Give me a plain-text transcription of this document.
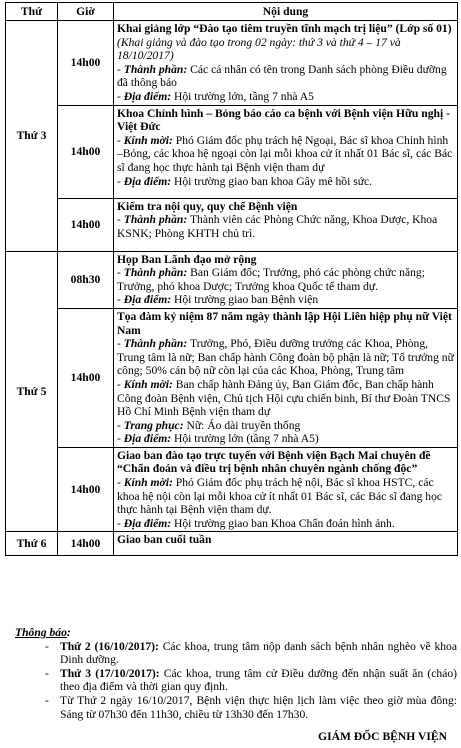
Thứ	Giờ	Nội dung
Thứ 3	14h00	Khai giảng lớp “Đào tạo tiêm truyền tĩnh mạch trị liệu” (Lớp số 01) (Khai giảng và đào tạo trong 02 ngày: thứ 3 và thứ 4 – 17 và 18/10/2017)
- Thành phần: Các cá nhân có tên trong Danh sách phòng Điều dưỡng đã thông báo
- Địa điểm: Hội trường lớn, tầng 7 nhà A5

	14h00	Khoa Chỉnh hình – Bỏng báo cáo ca bệnh với Bệnh viện Hữu nghị - Việt Đức
- Kính mời: Phó Giám đốc phụ trách hệ Ngoại, Bác sĩ khoa Chỉnh hình –Bỏng, các khoa hệ ngoại còn lại mỗi khoa cử ít nhất 01 Bác sĩ, các Bác sĩ đang học thực hành tại Bệnh viện tham dự
- Địa điểm: Hội trường giao ban khoa Gây mê hồi sức.

	14h00	Kiểm tra nội quy, quy chế Bệnh viện
- Thành phần: Thành viên các Phòng Chức năng, Khoa Dược, Khoa KSNK; Phòng KHTH chủ trì.

Thứ 5	08h30	Họp Ban Lãnh đạo mở rộng
- Thành phần: Ban Giám đốc; Trưởng, phó các phòng chức năng; Trưởng, phó khoa Dược; Trưởng khoa Quốc tế tham dự.
- Địa điểm: Hội trường giao ban Bệnh viện

	14h00	Tọa đàm kỷ niệm 87 năm ngày thành lập Hội Liên hiệp phụ nữ Việt Nam
- Thành phần: Trưởng, Phó, Điều dưỡng trưởng các Khoa, Phòng, Trung tâm là nữ; Ban chấp hành Công đoàn bộ phận là nữ; Tổ trưởng nữ công; 50% cán bộ nữ còn lại của các Khoa, Phòng, Trung tâm
- Kính mời: Ban chấp hành Đảng ủy, Ban Giám đốc, Ban chấp hành Công đoàn Bệnh viện, Chủ tịch Hội cựu chiến binh, Bí thư Đoàn TNCS Hồ Chí Minh Bệnh viện tham dự
- Trang phục: Nữ: Áo dài truyền thống
- Địa điểm: Hội trường lớn (tầng 7 nhà A5)

	14h00	Giao ban đào tạo trực tuyến với Bệnh viện Bạch Mai chuyên đề “Chẩn đoán và điều trị bệnh nhân chuyên ngành chống độc”
- Kính mời: Phó Giám đốc phụ trách hệ nội, Bác sĩ khoa HSTC, các khoa hệ nội còn lại mỗi khoa cử ít nhất 01 Bác sĩ, các Bác sĩ đang học thực hành tại Bệnh viện tham dự.
- Địa điểm: Hội trường giao ban Khoa Chẩn đoán hình ảnh.

Thứ 6	14h00	Giao ban cuối tuần
Thông báo:
- Thứ 2 (16/10/2017): Các khoa, trung tâm nộp danh sách bệnh nhân nghèo về khoa Dinh dưỡng.
- Thứ 3 (17/10/2017): Các khoa, trung tâm cử Điều dưỡng đến nhận suất ăn (cháo) theo địa điểm và thời gian quy định.
- Từ Thứ 2 ngày 16/10/2017, Bệnh viện thực hiện lịch làm việc theo giờ mùa đông: Sáng từ 07h30 đến 11h30, chiều từ 13h30 đến 17h30.
GIÁM ĐỐC BỆNH VIỆN
